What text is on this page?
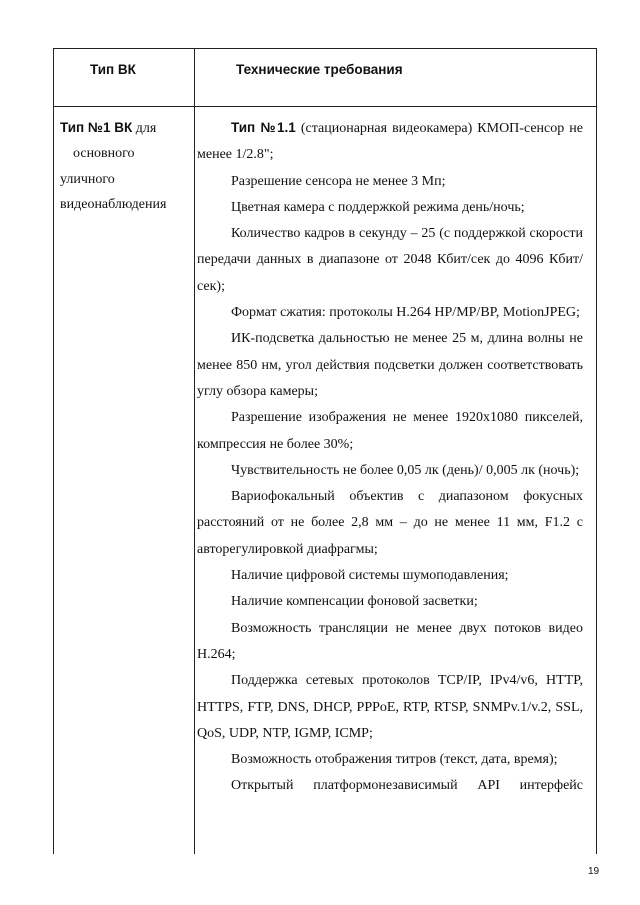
Тип ВК	Технические требования
Тип №1 ВК для
основного
уличного
видеонаблюдения

Тип №1.1 (стационарная видеокамера) КМОП-сенсор не менее 1/2.8";

Разрешение сенсора не менее 3 Мп;

Цветная камера с поддержкой режима день/ночь;

Количество кадров в секунду – 25 (с поддержкой скорости передачи данных в диапазоне от 2048 Кбит/сек до 4096 Кбит/сек);

Формат сжатия: протоколы H.264 HP/MP/BP, MotionJPEG;

ИК-подсветка дальностью не менее 25 м, длина волны не менее 850 нм, угол действия подсветки должен соответствовать углу обзора камеры;

Разрешение изображения не менее 1920x1080 пикселей, компрессия не более 30%;

Чувствительность не более 0,05 лк (день)/ 0,005 лк (ночь);

Вариофокальный объектив с диапазоном фокусных расстояний от не более 2,8 мм – до не менее 11 мм, F1.2 с авторегулировкой диафрагмы;

Наличие цифровой системы шумоподавления;

Наличие компенсации фоновой засветки;

Возможность трансляции не менее двух потоков видео H.264;

Поддержка сетевых протоколов TCP/IP, IPv4/v6, HTTP, HTTPS, FTP, DNS, DHCP, PPPoE, RTP, RTSP, SNMPv.1/v.2, SSL, QoS, UDP, NTP, IGMP, ICMP;

Возможность отображения титров (текст, дата, время);

Открытый платформонезависимый API интерфейс

19
